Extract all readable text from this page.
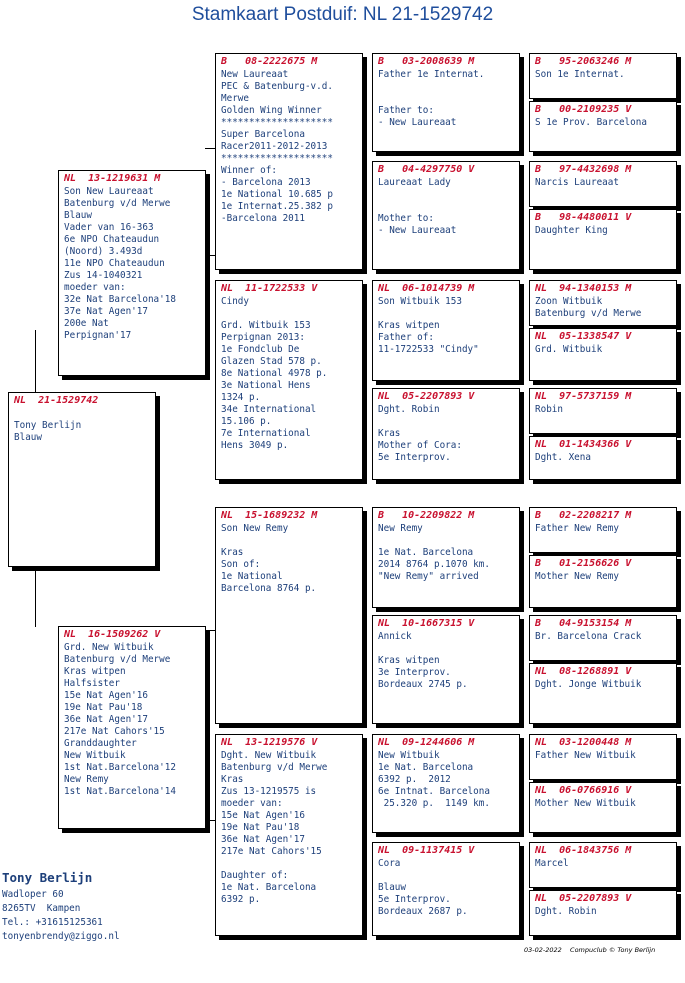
Stamkaart Postduif: NL 21-1529742
NL  21-1529742

Tony Berlijn
Blauw
NL  13-1219631 M
Son New Laureaat
Batenburg v/d Merwe
Blauw
Vader van 16-363
6e NPO Chateaudun
(Noord) 3.493d
11e NPO Chateaudun
Zus 14-1040321
moeder van:
32e Nat Barcelona'18
37e Nat Agen'17
200e Nat
Perpignan'17
NL  16-1509262 V
Grd. New Witbuik
Batenburg v/d Merwe
Kras witpen
Halfsister
15e Nat Agen'16
19e Nat Pau'18
36e Nat Agen'17
217e Nat Cahors'15
Granddaughter
New Witbuik
1st Nat.Barcelona'12
New Remy
1st Nat.Barcelona'14
B   08-2222675 M
New Laureaat
PEC & Batenburg-v.d.
Merwe
Golden Wing Winner
********************
Super Barcelona
Racer2011-2012-2013
********************
Winner of:
- Barcelona 2013
1e National 10.685 p
1e Internat.25.382 p
-Barcelona 2011
NL  11-1722533 V
Cindy

Grd. Witbuik 153
Perpignan 2013:
1e Fondclub De
Glazen Stad 578 p.
8e National 4978 p.
3e National Hens
1324 p.
34e International
15.106 p.
7e International
Hens 3049 p.
NL  15-1689232 M
Son New Remy

Kras
Son of:
1e National
Barcelona 8764 p.
NL  13-1219576 V
Dght. New Witbuik
Batenburg v/d Merwe
Kras
Zus 13-1219575 is
moeder van:
15e Nat Agen'16
19e Nat Pau'18
36e Nat Agen'17
217e Nat Cahors'15

Daughter of:
1e Nat. Barcelona
6392 p.
B   03-2008639 M
Father 1e Internat.

Father to:
- New Laureaat
B   04-4297750 V
Laureaat Lady

Mother to:
- New Laureaat
NL  06-1014739 M
Son Witbuik 153

Kras witpen
Father of:
11-1722533 "Cindy"
NL  05-2207893 V
Dght. Robin

Kras
Mother of Cora:
5e Interprov.
B   10-2209822 M
New Remy

1e Nat. Barcelona
2014 8764 p.1070 km.
"New Remy" arrived
NL  10-1667315 V
Annick

Kras witpen
3e Interprov.
Bordeaux 2745 p.
NL  09-1244606 M
New Witbuik
1e Nat. Barcelona
6392 p.  2012
6e Intnat. Barcelona
25.320 p.  1149 km.
NL  09-1137415 V
Cora

Blauw
5e Interprov.
Bordeaux 2687 p.
B   95-2063246 M
Son 1e Internat.
B   00-2109235 V
S 1e Prov. Barcelona
B   97-4432698 M
Narcis Laureaat
B   98-4480011 V
Daughter King
NL  94-1340153 M
Zoon Witbuik
Batenburg v/d Merwe
NL  05-1338547 V
Grd. Witbuik
NL  97-5737159 M
Robin
NL  01-1434366 V
Dght. Xena
B   02-2208217 M
Father New Remy
B   01-2156626 V
Mother New Remy
B   04-9153154 M
Br. Barcelona Crack
NL  08-1268891 V
Dght. Jonge Witbuik
NL  03-1200448 M
Father New Witbuik
NL  06-0766916 V
Mother New Witbuik
NL  06-1843756 M
Marcel
NL  05-2207893 V
Dght. Robin
Tony Berlijn
Wadloper 60
8265TV  Kampen
Tel.: +31615125361
tonyenbrendy@ziggo.nl
03-02-2022    Compuclub © Tony Berlijn
